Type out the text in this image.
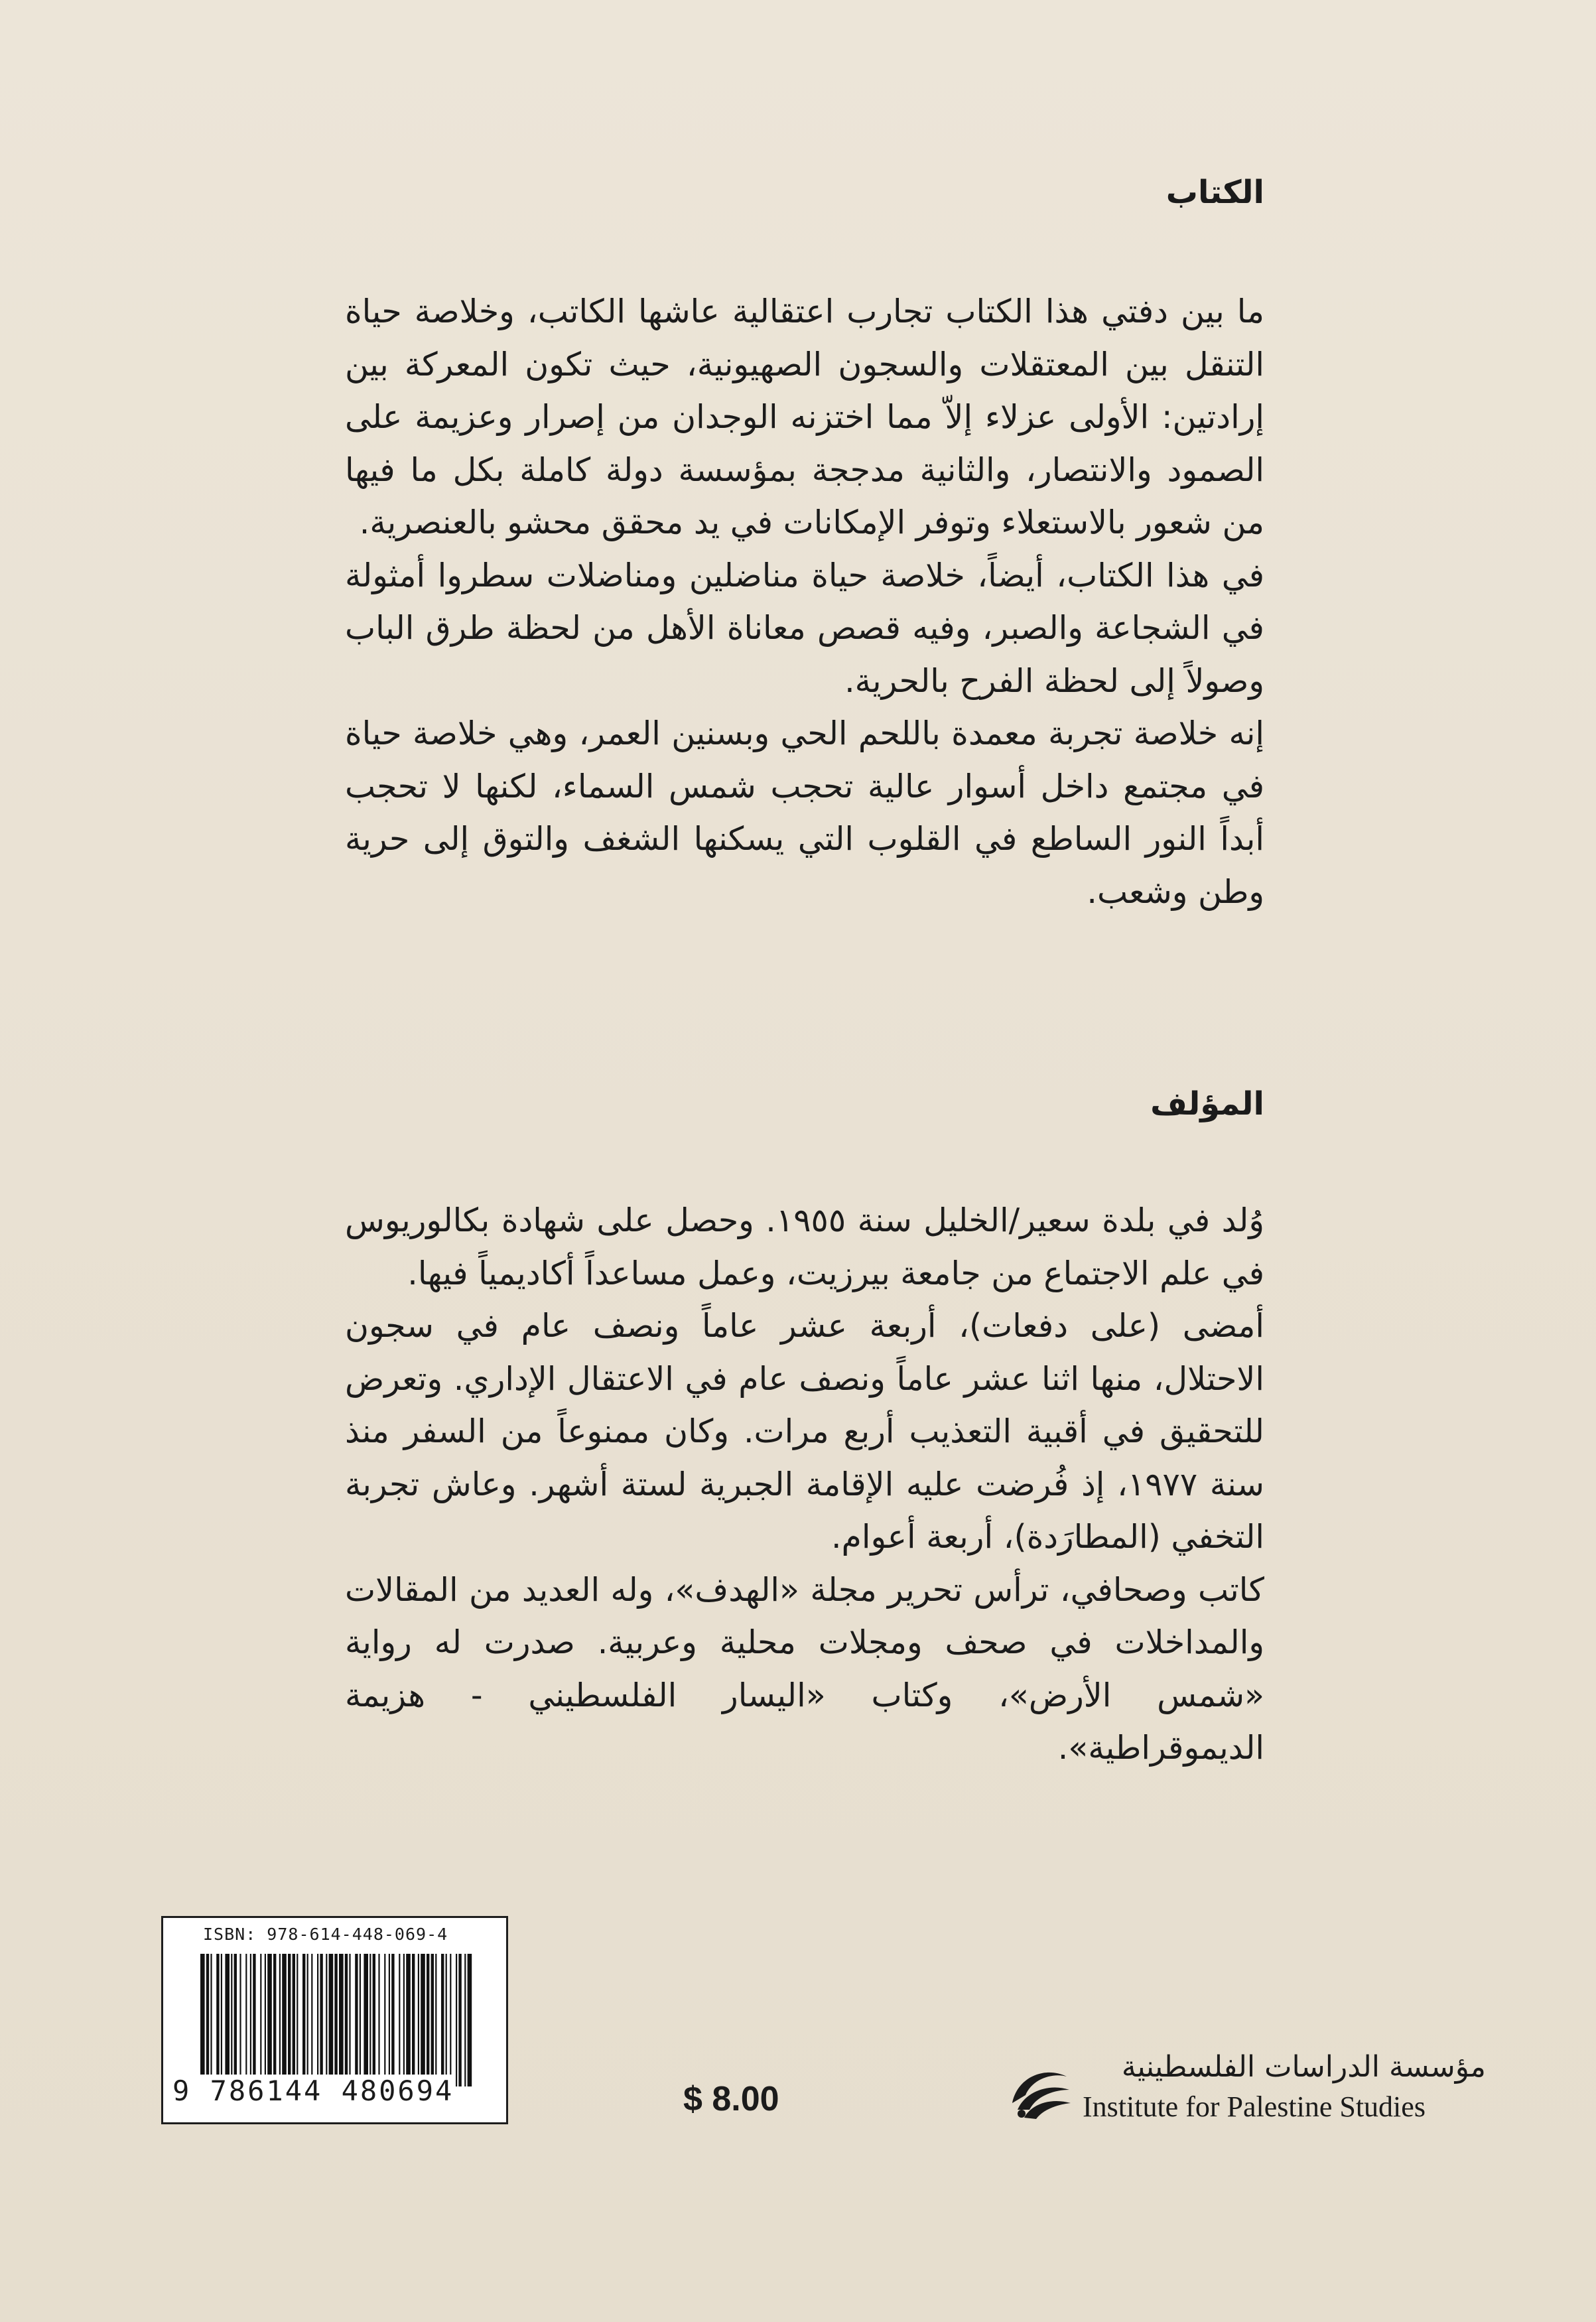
الكتاب

ما بين دفتي هذا الكتاب تجارب اعتقالية عاشها الكاتب، وخلاصة حياة التنقل بين المعتقلات والسجون الصهيونية، حيث تكون المعركة بين إرادتين: الأولى عزلاء إلاّ مما اختزنه الوجدان من إصرار وعزيمة على الصمود والانتصار، والثانية مدججة بمؤسسة دولة كاملة بكل ما فيها من شعور بالاستعلاء وتوفر الإمكانات في يد محقق محشو بالعنصرية.

في هذا الكتاب، أيضاً، خلاصة حياة مناضلين ومناضلات سطروا أمثولة في الشجاعة والصبر، وفيه قصص معاناة الأهل من لحظة طرق الباب وصولاً إلى لحظة الفرح بالحرية.

إنه خلاصة تجربة معمدة باللحم الحي وبسنين العمر، وهي خلاصة حياة في مجتمع داخل أسوار عالية تحجب شمس السماء، لكنها لا تحجب أبداً النور الساطع في القلوب التي يسكنها الشغف والتوق إلى حرية وطن وشعب.

المؤلف

وُلد في بلدة سعير/الخليل سنة ١٩٥٥. وحصل على شهادة بكالوريوس في علم الاجتماع من جامعة بيرزيت، وعمل مساعداً أكاديمياً فيها.

أمضى (على دفعات)، أربعة عشر عاماً ونصف عام في سجون الاحتلال، منها اثنا عشر عاماً ونصف عام في الاعتقال الإداري. وتعرض للتحقيق في أقبية التعذيب أربع مرات. وكان ممنوعاً من السفر منذ سنة ١٩٧٧، إذ فُرضت عليه الإقامة الجبرية لستة أشهر. وعاش تجربة التخفي (المطارَدة)، أربعة أعوام.

كاتب وصحافي، ترأس تحرير مجلة «الهدف»، وله العديد من المقالات والمداخلات في صحف ومجلات محلية وعربية. صدرت له رواية «شمس الأرض»، وكتاب «اليسار الفلسطيني - هزيمة الديموقراطية».

ISBN: 978-614-448-069-4
9 786144 480694	$ 8.00
مؤسسة الدراسات الفلسطينية
Institute for Palestine Studies
